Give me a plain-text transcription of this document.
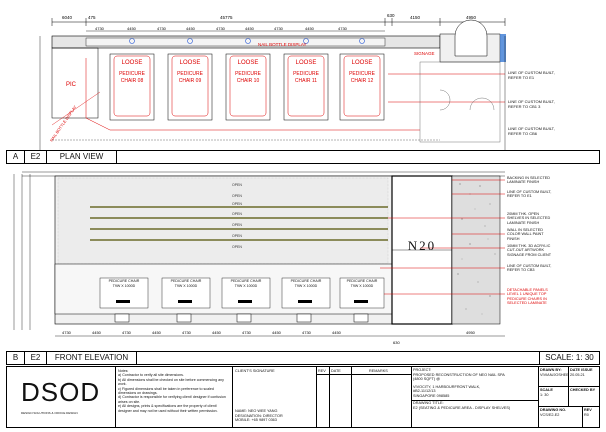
6040	475	45775	630	4150	4950
4730	4450	4730	4450	4730	4450	4730	4450	4730
PIC
NAIL BOTTLE DISPLAY
NAIL BOTTLE DISPLAY
SIGNAGE
LOOSE
PEDICURE
CHAIR 08
LOOSE
PEDICURE
CHAIR 09
LOOSE
PEDICURE
CHAIR 10
LOOSE
PEDICURE
CHAIR 11
LOOSE
PEDICURE
CHAIR 12
LINE OF CUSTOM BUILT,
REFER TO E1
LINE OF CUSTOM BUILT,
REFER TO CB1 3
LINE OF CUSTOM BUILT,
REFER TO CB6
A	E2	PLAN VIEW
OPEN
OPEN
OPEN
OPEN
OPEN
OPEN
OPEN
4730	4450	4730	4450	4730	4450	4730	4450	4730	4450	4950
630
N20
PEDICURE CHAIR
T9W X 1000D
PEDICURE CHAIR
T9W X 1000D
PEDICURE CHAIR
T9W X 1000D
PEDICURE CHAIR
T9W X 1000D
PEDICURE CHAIR
T9W X 1000D
BACKING IN SELECTED
LAMINATE FINISH
LINE OF CUSTOM BUILT,
REFER TO E1
20MM THK. OPEN
SHELVES IN SELECTED
LAMINATE FINISH
WALL IN SELECTED
COLOR WALL PAINT
FINISH
10MM THK. 3D ACRYLIC
CUT-OUT ARTWORK
SIGNAGE FROM CLIENT
LINE OF CUSTOM BUILT,
REFER TO CB3
DETACHABLE PANELS
LEVEL 1 UNIQUE TOP
PEDICURE CHAIRS IN
SELECTED LAMINATE
B	E2	FRONT ELEVATION	SCALE: 1: 30
DSOD
DESIGN SOLUTIONS & OFFICE DESIGN
Notes:
a) Contractor to verify all site dimensions.
b) All dimensions shall be checked on site before commencing any work.
c) Figured dimensions shall be taken in preference to scaled dimensions on drawings.
d) Contractor is responsible for verifying client/ designer if confusion arises on site.
e) All designs, prints & specifications are the property of client/ designer and may not be used without their written permission.
CLIENT'S SIGNATURE
NAME: NEO WEE YANG
DESIGNATION: DIRECTOR
MOBILE: +65 9897 0363
REV DATE	REMARKS	PROJECT:
PROPOSED RECONSTRUCTION OF NEO NAIL SPA
(4800 SQFT) @
VIVOCITY, 1 HARBOURFRONT WALK,
#B2-11/12/13
SINGAPORE 098585
DRAWING TITLE:
E2 (SEATING & PEDICURE AREA - DISPLAY SHELVES)
DRAWN BY:
VIVIAN/JOSHEE
DATE ISSUE
20.05.21
SCALE
1: 30
CHECKED BY
DRAWING NO.
VCS/E2-E2
REV
R0
